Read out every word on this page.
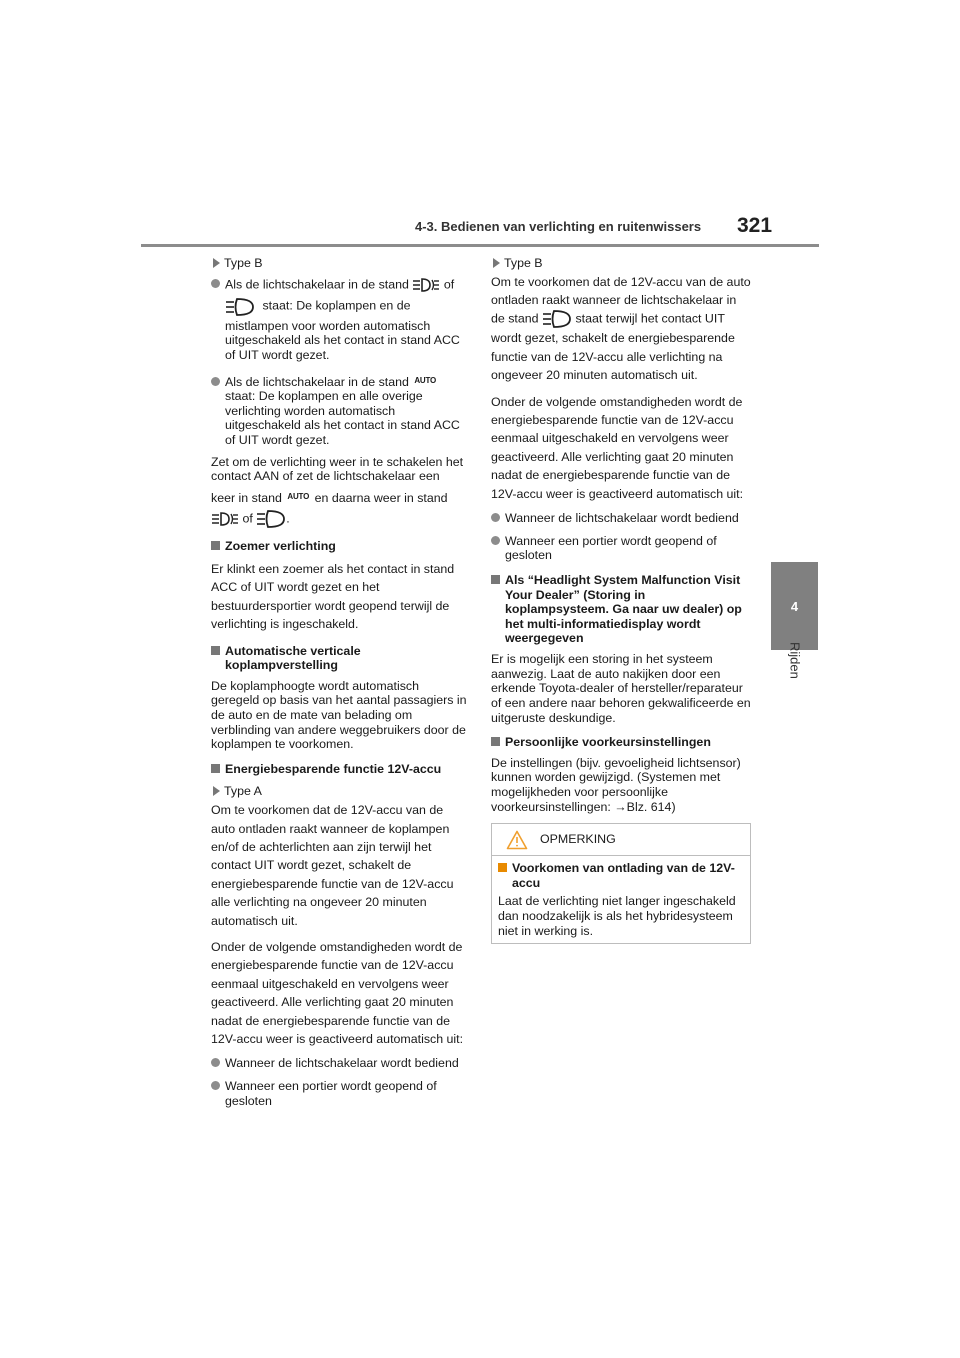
4-3. Bedienen van verlichting en ruitenwissers 321
4
Rijden

Type B

Als de lichtschakelaar in de stand	of
staat: De koplampen en de mistlampen voor worden automatisch uitgeschakeld als het contact in stand ACC of UIT wordt gezet.
Als de lichtschakelaar in de stand AUTO staat: De koplampen en alle overige verlichting worden automatisch uitgeschakeld als het contact in stand ACC of UIT wordt gezet.

Zet om de verlichting weer in te schakelen het contact AAN of zet de lichtschakelaar een

keer in stand AUTO en daarna weer in stand

of	.

Zoemer verlichting

Er klinkt een zoemer als het contact in stand ACC of UIT wordt gezet en het bestuurdersportier wordt geopend terwijl de verlichting is ingeschakeld.

Automatische verticale koplampverstelling

De koplamphoogte wordt automatisch geregeld op basis van het aantal passagiers in de auto en de mate van belading om verblinding van andere weggebruikers door de koplampen te voorkomen.

Energiebesparende functie 12V-accu

Type A

Om te voorkomen dat de 12V-accu van de auto ontladen raakt wanneer de koplampen en/of de achterlichten aan zijn terwijl het contact UIT wordt gezet, schakelt de energiebesparende functie van de 12V-accu alle verlichting na ongeveer 20 minuten automatisch uit.

Onder de volgende omstandigheden wordt de energiebesparende functie van de 12V-accu eenmaal uitgeschakeld en vervolgens weer geactiveerd. Alle verlichting gaat 20 minuten nadat de energiebesparende functie van de 12V-accu weer is geactiveerd automatisch uit:

Wanneer de lichtschakelaar wordt bediend

Wanneer een portier wordt geopend of gesloten

Type B

Om te voorkomen dat de 12V-accu van de auto ontladen raakt wanneer de lichtschakelaar in de stand	staat terwijl het contact UIT wordt gezet, schakelt de energiebesparende functie van de 12V-accu alle verlichting na ongeveer 20 minuten automatisch uit.

Onder de volgende omstandigheden wordt de energiebesparende functie van de 12V-accu eenmaal uitgeschakeld en vervolgens weer geactiveerd. Alle verlichting gaat 20 minuten nadat de energiebesparende functie van de 12V-accu weer is geactiveerd automatisch uit:

Wanneer de lichtschakelaar wordt bediend

Wanneer een portier wordt geopend of gesloten

Als “Headlight System Malfunction Visit Your Dealer” (Storing in koplampsysteem. Ga naar uw dealer) op het multi-informatiedisplay wordt weergegeven

Er is mogelijk een storing in het systeem aanwezig. Laat de auto nakijken door een erkende Toyota-dealer of hersteller/reparateur of een andere naar behoren gekwalificeerde en uitgeruste deskundige.

Persoonlijke voorkeursinstellingen

De instellingen (bijv. gevoeligheid lichtsensor) kunnen worden gewijzigd. (Systemen met mogelijkheden voor persoonlijke voorkeursinstellingen: →Blz. 614)

OPMERKING

Voorkomen van ontlading van de 12V-accu

Laat de verlichting niet langer ingeschakeld dan noodzakelijk is als het hybridesysteem niet in werking is.
